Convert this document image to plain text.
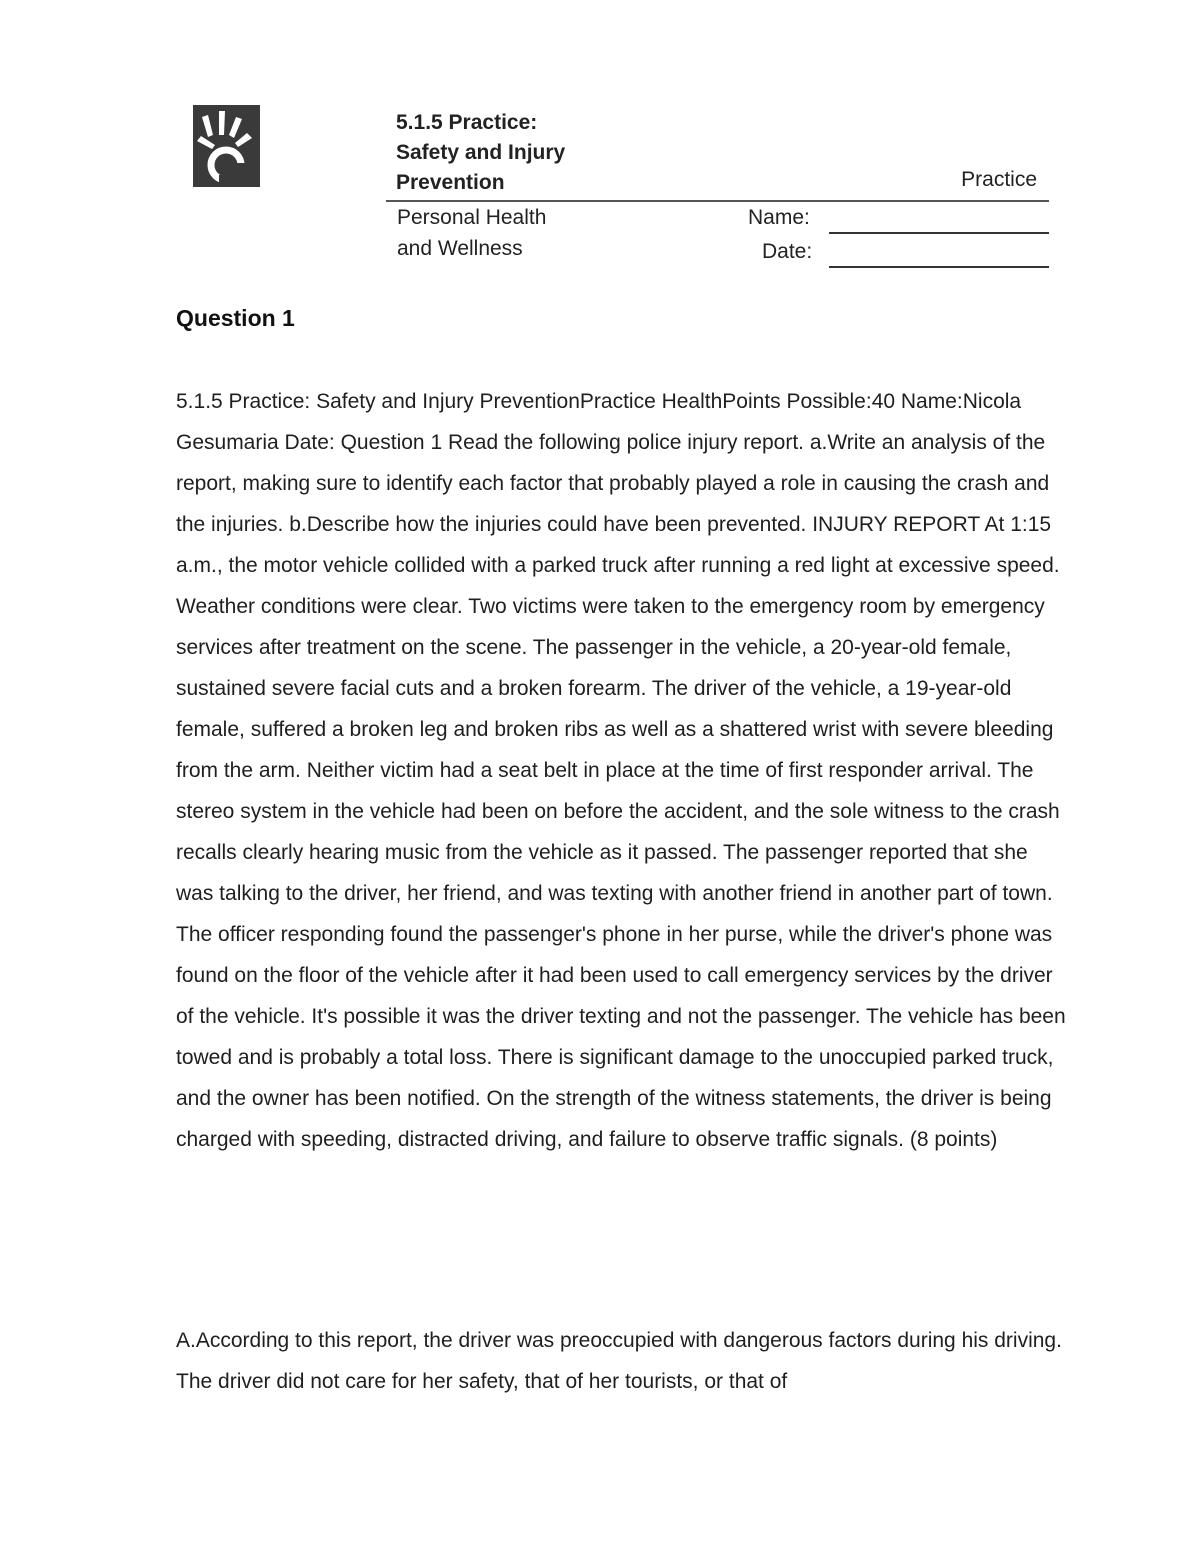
5.1.5 Practice:
Safety and Injury
Prevention	Practice
Personal Health
and Wellness
Name:
Date:
Question 1

5.1.5 Practice: Safety and Injury PreventionPractice HealthPoints Possible:40 Name:Nicola Gesumaria Date: Question 1 Read the following police injury report. a.Write an analysis of the report, making sure to identify each factor that probably played a role in causing the crash and the injuries. b.Describe how the injuries could have been prevented. INJURY REPORT At 1:15 a.m., the motor vehicle collided with a parked truck after running a red light at excessive speed. Weather conditions were clear. Two victims were taken to the emergency room by emergency services after treatment on the scene. The passenger in the vehicle, a 20-year-old female, sustained severe facial cuts and a broken forearm. The driver of the vehicle, a 19-year-old female, suffered a broken leg and broken ribs as well as a shattered wrist with severe bleeding from the arm. Neither victim had a seat belt in place at the time of first responder arrival. The stereo system in the vehicle had been on before the accident, and the sole witness to the crash recalls clearly hearing music from the vehicle as it passed. The passenger reported that she was talking to the driver, her friend, and was texting with another friend in another part of town. The officer responding found the passenger's phone in her purse, while the driver's phone was found on the floor of the vehicle after it had been used to call emergency services by the driver of the vehicle. It's possible it was the driver texting and not the passenger. The vehicle has been towed and is probably a total loss. There is significant damage to the unoccupied parked truck, and the owner has been notified. On the strength of the witness statements, the driver is being charged with speeding, distracted driving, and failure to observe traffic signals. (8 points)

A.According to this report, the driver was preoccupied with dangerous factors during his driving. The driver did not care for her safety, that of her tourists, or that of
